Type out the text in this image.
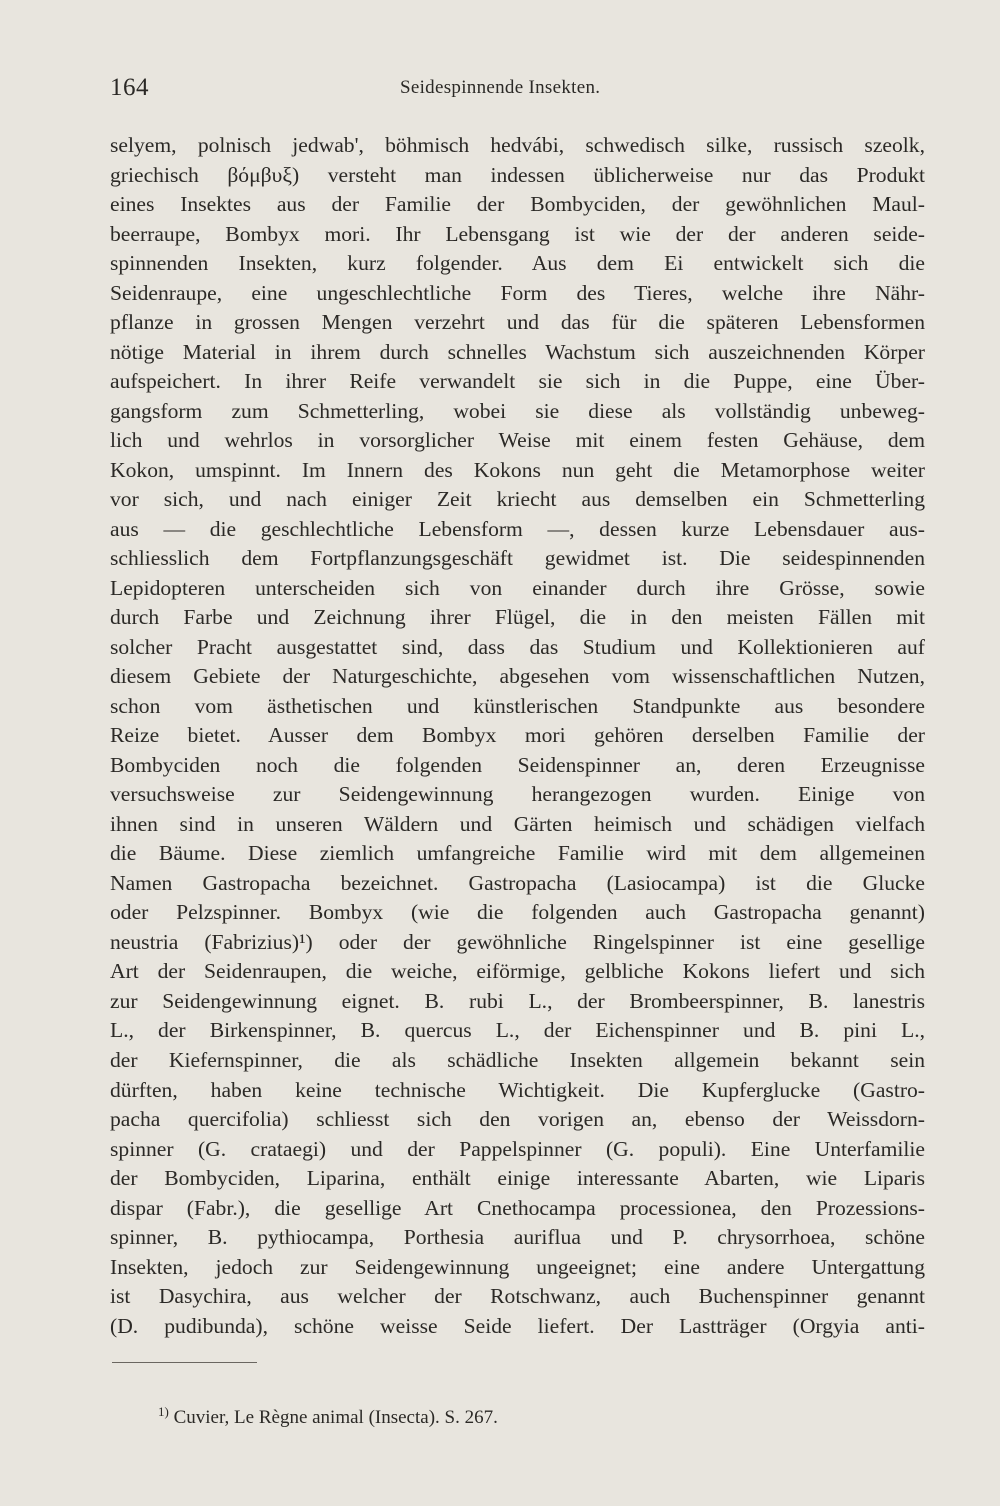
164	Seidespinnende Insekten.
selyem, polnisch jedwab', böhmisch hedvábi, schwedisch silke, russisch szeolk,
griechisch βόμβυξ) versteht man indessen üblicherweise nur das Produkt
eines Insektes aus der Familie der Bombyciden, der gewöhnlichen Maul-
beerraupe, Bombyx mori. Ihr Lebensgang ist wie der der anderen seide-
spinnenden Insekten, kurz folgender. Aus dem Ei entwickelt sich die
Seidenraupe, eine ungeschlechtliche Form des Tieres, welche ihre Nähr-
pflanze in grossen Mengen verzehrt und das für die späteren Lebensformen
nötige Material in ihrem durch schnelles Wachstum sich auszeichnenden Körper
aufspeichert. In ihrer Reife verwandelt sie sich in die Puppe, eine Über-
gangsform zum Schmetterling, wobei sie diese als vollständig unbeweg-
lich und wehrlos in vorsorglicher Weise mit einem festen Gehäuse, dem
Kokon, umspinnt. Im Innern des Kokons nun geht die Metamorphose weiter
vor sich, und nach einiger Zeit kriecht aus demselben ein Schmetterling
aus — die geschlechtliche Lebensform —, dessen kurze Lebensdauer aus-
schliesslich dem Fortpflanzungsgeschäft gewidmet ist. Die seidespinnenden
Lepidopteren unterscheiden sich von einander durch ihre Grösse, sowie
durch Farbe und Zeichnung ihrer Flügel, die in den meisten Fällen mit
solcher Pracht ausgestattet sind, dass das Studium und Kollektionieren auf
diesem Gebiete der Naturgeschichte, abgesehen vom wissenschaftlichen Nutzen,
schon vom ästhetischen und künstlerischen Standpunkte aus besondere
Reize bietet. Ausser dem Bombyx mori gehören derselben Familie der
Bombyciden noch die folgenden Seidenspinner an, deren Erzeugnisse
versuchsweise zur Seidengewinnung herangezogen wurden. Einige von
ihnen sind in unseren Wäldern und Gärten heimisch und schädigen vielfach
die Bäume. Diese ziemlich umfangreiche Familie wird mit dem allgemeinen
Namen Gastropacha bezeichnet. Gastropacha (Lasiocampa) ist die Glucke
oder Pelzspinner. Bombyx (wie die folgenden auch Gastropacha genannt)
neustria (Fabrizius)¹) oder der gewöhnliche Ringelspinner ist eine gesellige
Art der Seidenraupen, die weiche, eiförmige, gelbliche Kokons liefert und sich
zur Seidengewinnung eignet. B. rubi L., der Brombeerspinner, B. lanestris
L., der Birkenspinner, B. quercus L., der Eichenspinner und B. pini L.,
der Kiefernspinner, die als schädliche Insekten allgemein bekannt sein
dürften, haben keine technische Wichtigkeit. Die Kupferglucke (Gastro-
pacha quercifolia) schliesst sich den vorigen an, ebenso der Weissdorn-
spinner (G. crataegi) und der Pappelspinner (G. populi). Eine Unterfamilie
der Bombyciden, Liparina, enthält einige interessante Abarten, wie Liparis
dispar (Fabr.), die gesellige Art Cnethocampa processionea, den Prozessions-
spinner, B. pythiocampa, Porthesia auriflua und P. chrysorrhoea, schöne
Insekten, jedoch zur Seidengewinnung ungeeignet; eine andere Untergattung
ist Dasychira, aus welcher der Rotschwanz, auch Buchenspinner genannt
(D. pudibunda), schöne weisse Seide liefert. Der Lastträger (Orgyia anti-
$^{1)}$ Cuvier, Le Règne animal (Insecta). S. 267.
